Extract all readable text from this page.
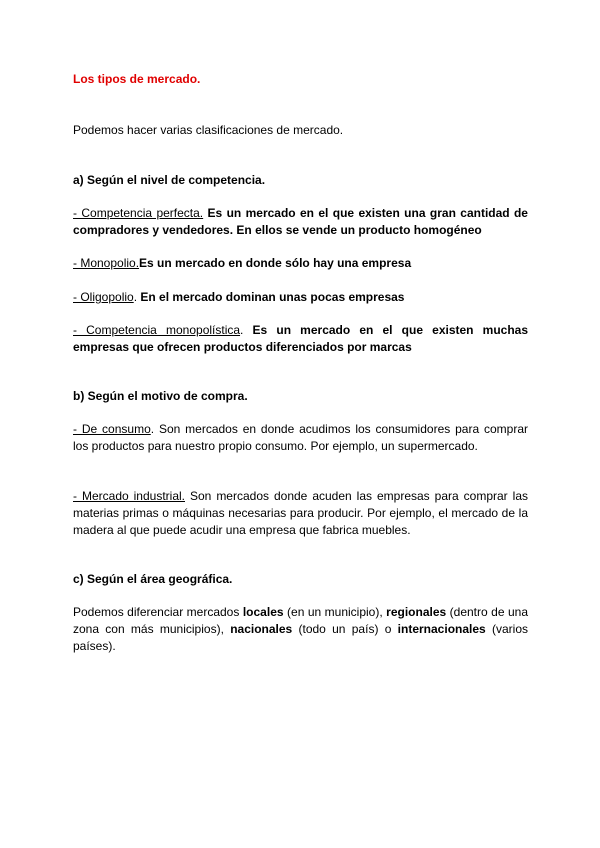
Los tipos de mercado.
Podemos hacer varias clasificaciones de mercado.
a) Según el nivel de competencia.
- Competencia perfecta. Es un mercado en el que existen una gran cantidad de compradores y vendedores. En ellos se vende un producto homogéneo
- Monopolio.Es un mercado en donde sólo hay una empresa
- Oligopolio. En el mercado dominan unas pocas empresas
- Competencia monopolística. Es un mercado en el que existen muchas empresas que ofrecen productos diferenciados por marcas
b) Según el motivo de compra.
- De consumo. Son mercados en donde acudimos los consumidores para comprar los productos para nuestro propio consumo. Por ejemplo, un supermercado.
- Mercado industrial. Son mercados donde acuden las empresas para comprar las materias primas o máquinas necesarias para producir. Por ejemplo, el mercado de la madera al que puede acudir una empresa que fabrica muebles.
c) Según el área geográfica.
Podemos diferenciar mercados locales (en un municipio), regionales (dentro de una zona con más municipios), nacionales (todo un país) o internacionales (varios países).
